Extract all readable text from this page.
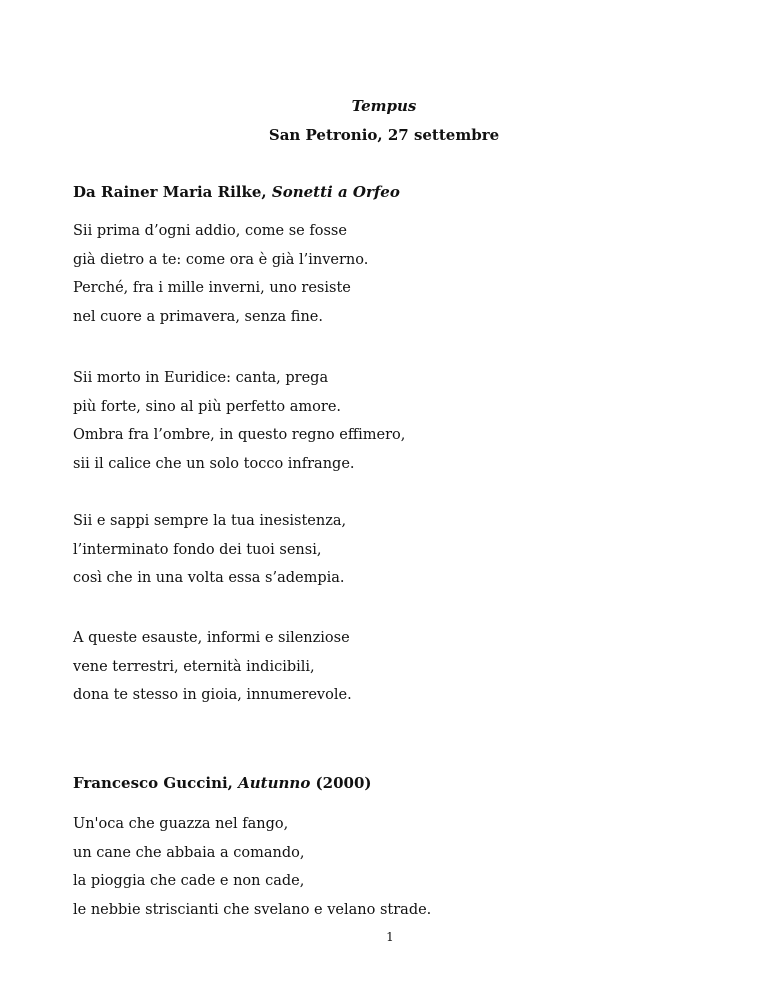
Tempus
San Petronio, 27 settembre
Da Rainer Maria Rilke, Sonetti a Orfeo
Sii prima d’ogni addio, come se fosse
già dietro a te: come ora è già l’inverno.
Perché, fra i mille inverni, uno resiste
nel cuore a primavera, senza fine.
Sii morto in Euridice: canta, prega
più forte, sino al più perfetto amore.
Ombra fra l’ombre, in questo regno effimero,
sii il calice che un solo tocco infrange.
Sii e sappi sempre la tua inesistenza,
l’interminato fondo dei tuoi sensi,
così che in una volta essa s’adempia.
A queste esauste, informi e silenziose
vene terrestri, eternità indicibili,
dona te stesso in gioia, innumerevole.
Francesco Guccini, Autunno (2000)
Un'oca che guazza nel fango,
un cane che abbaia a comando,
la pioggia che cade e non cade,
le nebbie striscianti che svelano e velano strade.
1
